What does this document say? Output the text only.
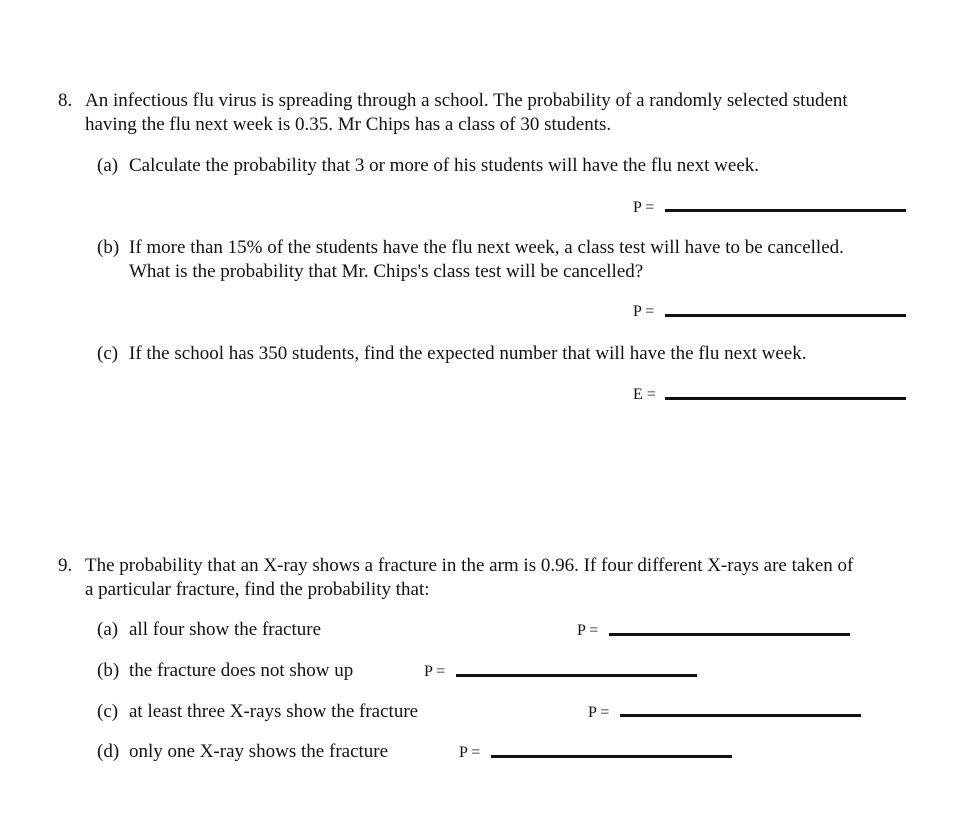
8. An infectious flu virus is spreading through a school. The probability of a randomly selected student
having the flu next week is 0.35. Mr Chips has a class of 30 students.
(a) Calculate the probability that 3 or more of his students will have the flu next week.
P =
(b) If more than 15% of the students have the flu next week, a class test will have to be cancelled.
What is the probability that Mr. Chips's class test will be cancelled?
P =
(c) If the school has 350 students, find the expected number that will have the flu next week.
E =
9. The probability that an X-ray shows a fracture in the arm is 0.96. If four different X-rays are taken of
a particular fracture, find the probability that:
(a) all four show the fracture	P =
(b) the fracture does not show up	P =
(c) at least three X-rays show the fracture	P =
(d) only one X-ray shows the fracture	P =
